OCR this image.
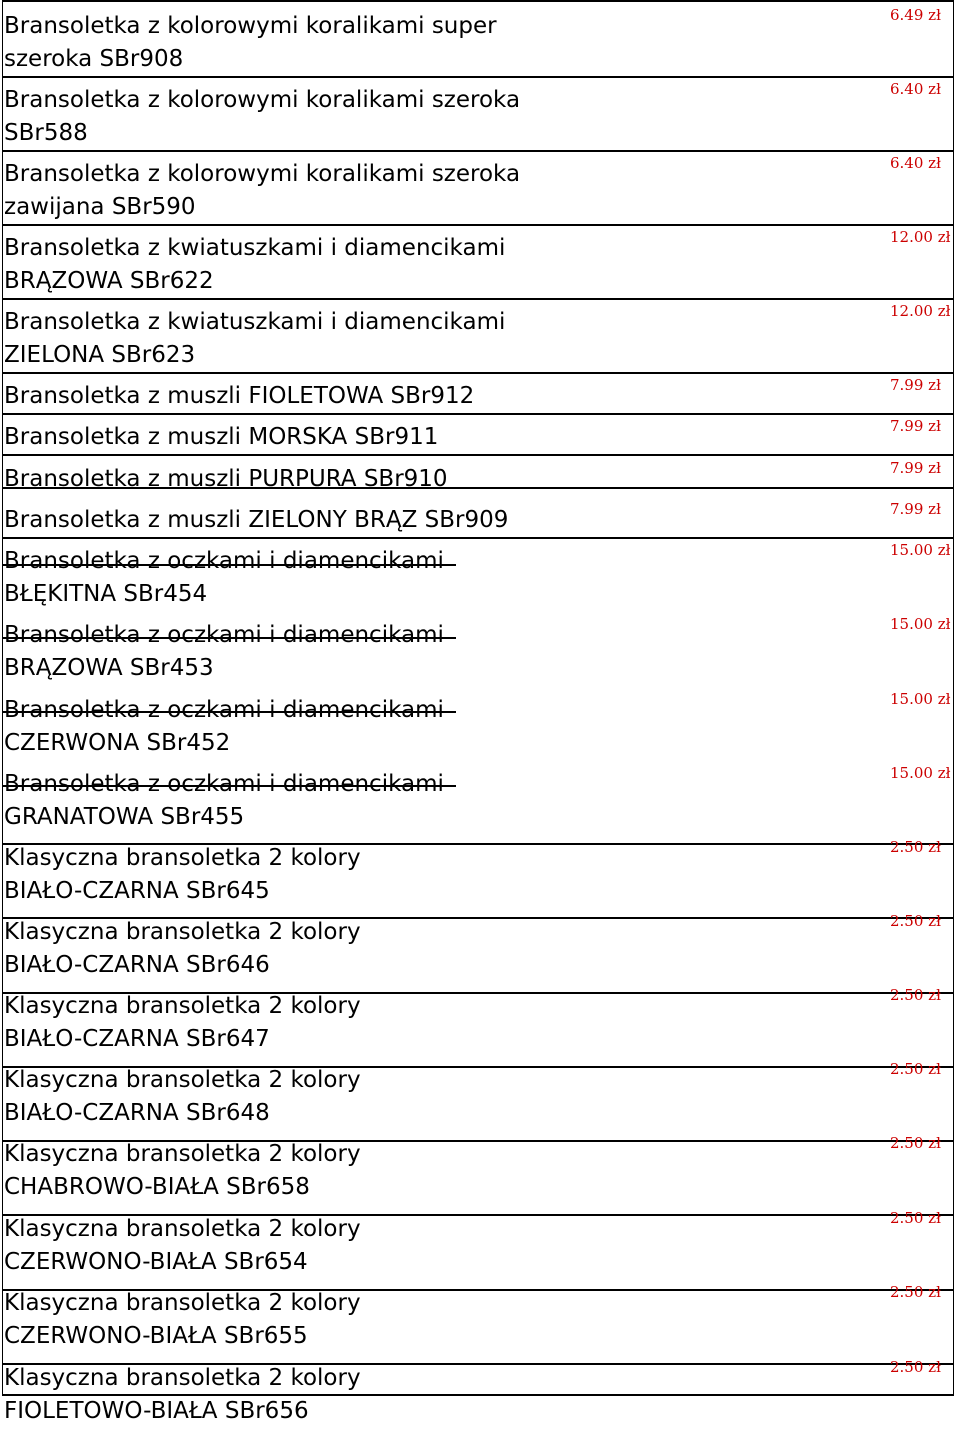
Bransoletka z kolorowymi koralikami super
szeroka SBr908
6.49 zł
Bransoletka z kolorowymi koralikami szeroka
SBr588
6.40 zł
Bransoletka z kolorowymi koralikami szeroka
zawijana SBr590
6.40 zł
Bransoletka z kwiatuszkami i diamencikami
BRĄZOWA SBr622
12.00 zł
Bransoletka z kwiatuszkami i diamencikami
ZIELONA SBr623
12.00 zł
Bransoletka z muszli FIOLETOWA SBr912	7.99 zł
Bransoletka z muszli MORSKA SBr911	7.99 zł
Bransoletka z muszli PURPURA SBr910	7.99 zł
Bransoletka z muszli ZIELONY BRĄZ SBr909	7.99 zł
Bransoletka z oczkami i diamencikami
BŁĘKITNA SBr454
15.00 zł
Bransoletka z oczkami i diamencikami
BRĄZOWA SBr453
15.00 zł
Bransoletka z oczkami i diamencikami
CZERWONA SBr452
15.00 zł
Bransoletka z oczkami i diamencikami
GRANATOWA SBr455
15.00 zł
Klasyczna bransoletka 2 kolory
BIAŁO-CZARNA SBr645
2.50 zł
Klasyczna bransoletka 2 kolory
BIAŁO-CZARNA SBr646
2.50 zł
Klasyczna bransoletka 2 kolory
BIAŁO-CZARNA SBr647
2.50 zł
Klasyczna bransoletka 2 kolory
BIAŁO-CZARNA SBr648
2.50 zł
Klasyczna bransoletka 2 kolory
CHABROWO-BIAŁA SBr658
2.50 zł
Klasyczna bransoletka 2 kolory
CZERWONO-BIAŁA SBr654
2.50 zł
Klasyczna bransoletka 2 kolory
CZERWONO-BIAŁA SBr655
2.50 zł
Klasyczna bransoletka 2 kolory
FIOLETOWO-BIAŁA SBr656
2.50 zł
